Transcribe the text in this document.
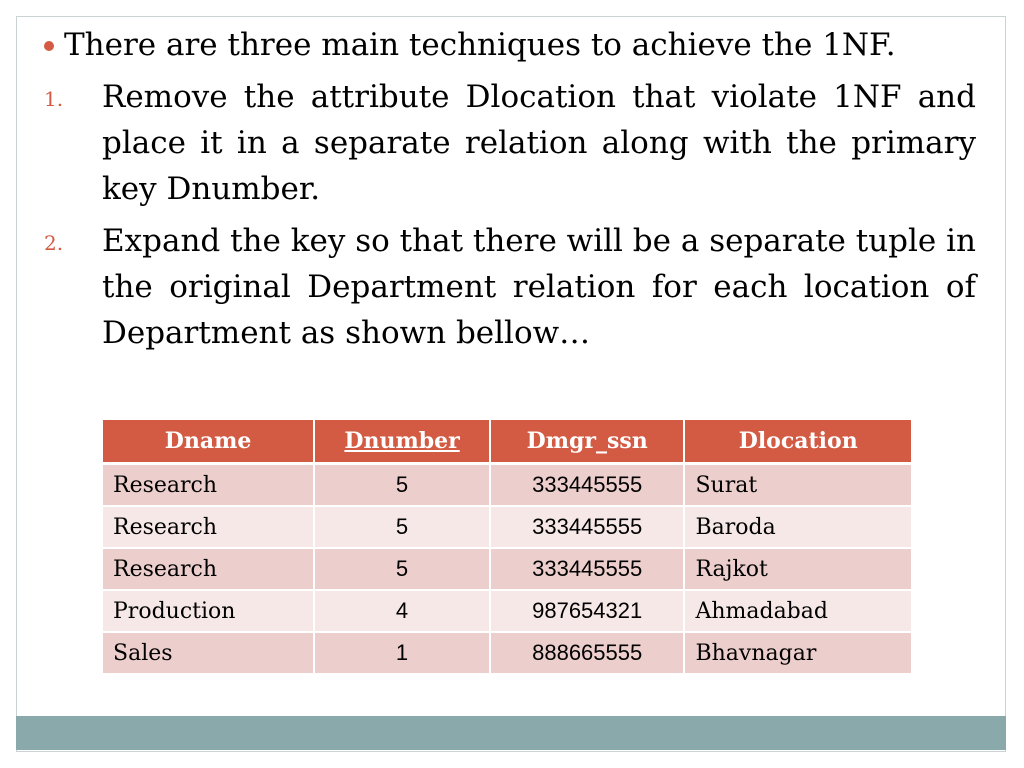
There are three main techniques to achieve the 1NF.
1.	Remove the attribute Dlocation that violate 1NF and place it in a separate relation along with the primary key Dnumber.
2.	Expand the key so that there will be a separate tuple in the original Department relation for each location of Department as shown bellow…
Dname	Dnumber	Dmgr_ssn	Dlocation
Research	5	333445555	Surat
Research	5	333445555	Baroda
Research	5	333445555	Rajkot
Production	4	987654321	Ahmadabad
Sales	1	888665555	Bhavnagar
